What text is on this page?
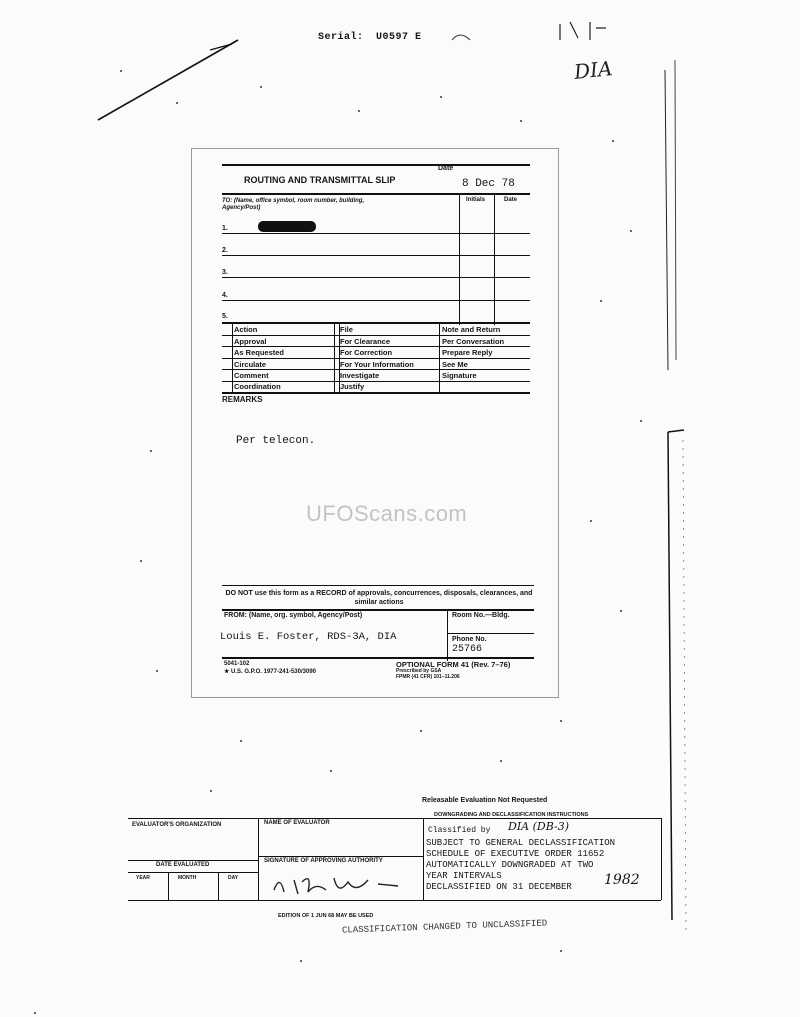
Serial: U0597 E
DIA
ROUTING AND TRANSMITTAL SLIP
Date
8 Dec 78
TO: (Name, office symbol, room number, building, Agency/Post)
Initials	Date
1.
2.
3.
4.
5.
Action	File	Note and Return
Approval	For Clearance	Per Conversation
As Requested	For Correction	Prepare Reply
Circulate	For Your Information	See Me
Comment	Investigate	Signature
Coordination	Justify
REMARKS
Per telecon.
UFOScans.com
DO NOT use this form as a RECORD of approvals, concurrences, disposals, clearances, and similar actions
FROM: (Name, org. symbol, Agency/Post)	Room No.—Bldg.
Louis E. Foster, RDS-3A, DIA	Phone No.
25766
5041-102
★ U.S. G.P.O. 1977-241-530/3090
OPTIONAL FORM 41 (Rev. 7–76)
Prescribed by GSA
FPMR (41 CFR) 101–11.206
Releasable Evaluation Not Requested
EVALUATOR'S ORGANIZATION	NAME OF EVALUATOR
DATE EVALUATED
YEAR	MONTH	DAY
SIGNATURE OF APPROVING AUTHORITY
DOWNGRADING AND DECLASSIFICATION INSTRUCTIONS
Classified by DIA (DB-3)
SUBJECT TO GENERAL DECLASSIFICATION
SCHEDULE OF EXECUTIVE ORDER 11652
AUTOMATICALLY DOWNGRADED AT TWO
YEAR INTERVALS
DECLASSIFIED ON 31 DECEMBER 1982
EDITION OF 1 JUN 68 MAY BE USED
CLASSIFICATION CHANGED TO UNCLASSIFIED
